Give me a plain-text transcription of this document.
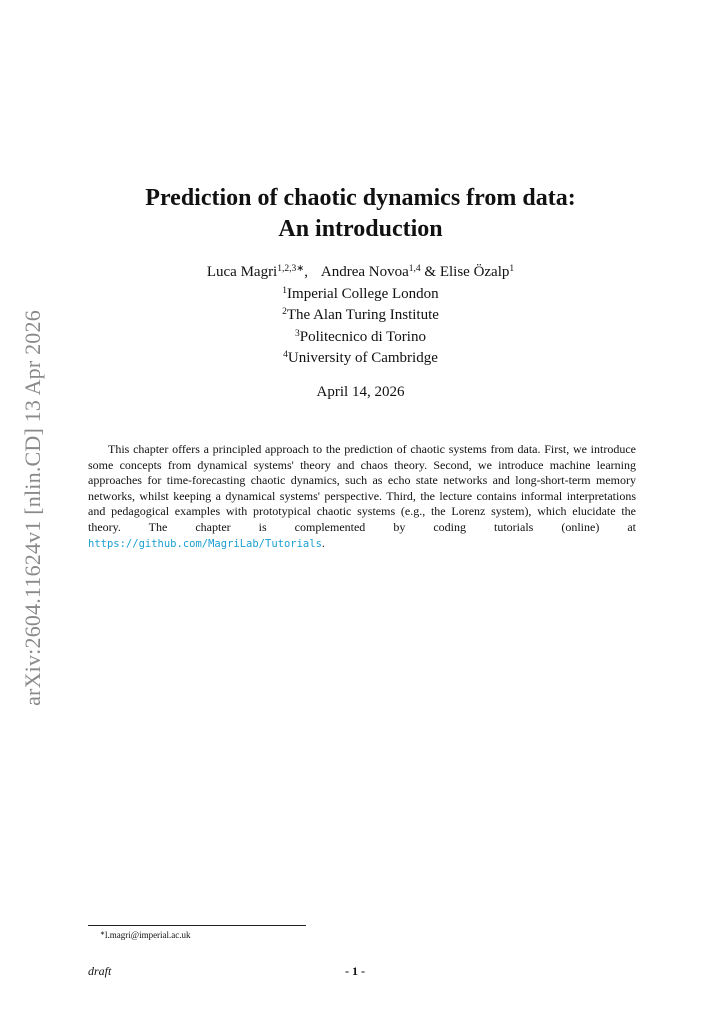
arXiv:2604.11624v1 [nlin.CD] 13 Apr 2026
Prediction of chaotic dynamics from data:
An introduction
Luca Magri$^{1,2,3∗}$, Andrea Novoa$^{1,4}$ & Elise Özalp$^1$
$^1$Imperial College London
$^2$The Alan Turing Institute
$^3$Politecnico di Torino
$^4$University of Cambridge
April 14, 2026
This chapter offers a principled approach to the prediction of chaotic systems from data. First, we introduce some concepts from dynamical systems' theory and chaos theory. Second, we introduce machine learning approaches for time-forecasting chaotic dynamics, such as echo state networks and long-short-term memory networks, whilst keeping a dynamical systems' perspective. Third, the lecture contains informal interpretations and pedagogical examples with prototypical chaotic systems (e.g., the Lorenz system), which elucidate the theory. The chapter is complemented by coding tutorials (online) at https://github.com/MagriLab/Tutorials.
∗l.magri@imperial.ac.uk
draft	- 1 -
